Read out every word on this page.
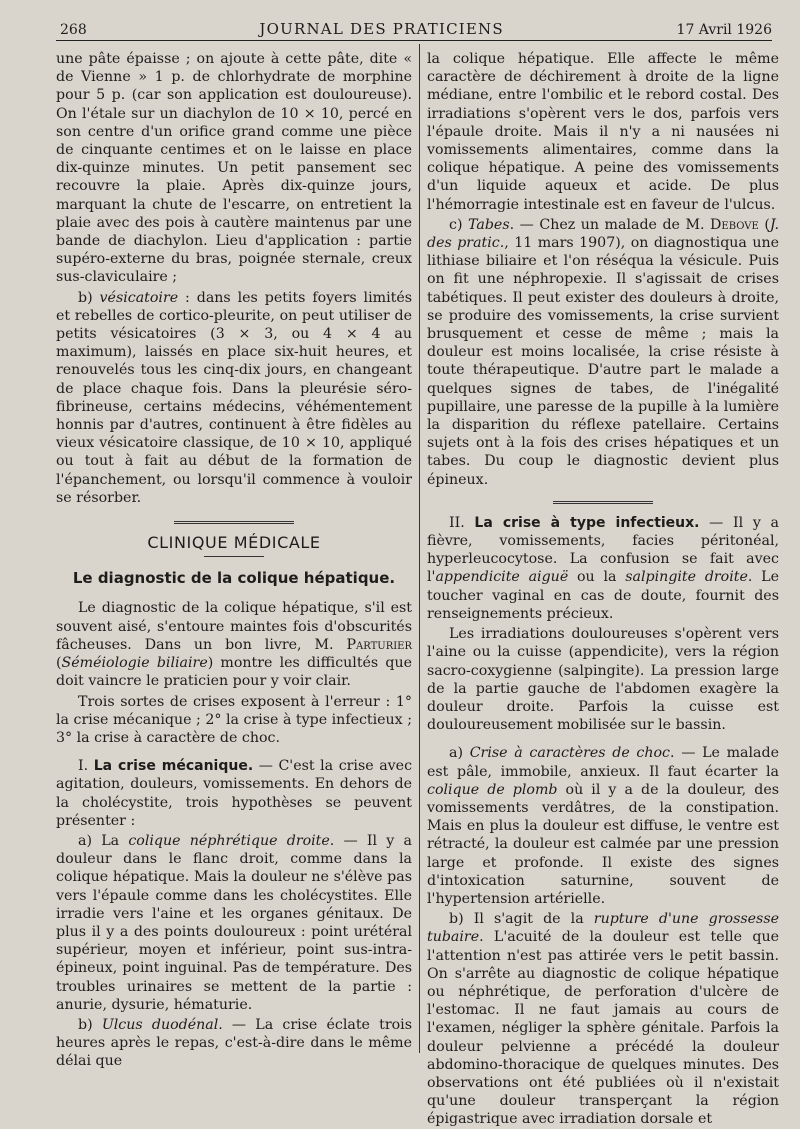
268	JOURNAL DES PRATICIENS	17 Avril 1926

une pâte épaisse ; on ajoute à cette pâte, dite « de Vienne » 1 p. de chlorhydrate de morphine pour 5 p. (car son application est douloureuse). On l'étale sur un diachylon de 10 × 10, percé en son centre d'un orifice grand comme une pièce de cinquante centimes et on le laisse en place dix-quinze minutes. Un petit pansement sec recouvre la plaie. Après dix-quinze jours, marquant la chute de l'escarre, on entretient la plaie avec des pois à cautère maintenus par une bande de diachylon. Lieu d'application : partie supéro-externe du bras, poignée sternale, creux sus-claviculaire ;

b) vésicatoire : dans les petits foyers limités et rebelles de cortico-pleurite, on peut utiliser de petits vésicatoires (3 × 3, ou 4 × 4 au maximum), laissés en place six-huit heures, et renouvelés tous les cinq-dix jours, en changeant de place chaque fois. Dans la pleurésie séro-fibrineuse, certains médecins, véhémentement honnis par d'autres, continuent à être fidèles au vieux vésicatoire classique, de 10 × 10, appliqué ou tout à fait au début de la formation de l'épanchement, ou lorsqu'il commence à vouloir se résorber.

CLINIQUE MÉDICALE
Le diagnostic de la colique hépatique.

Le diagnostic de la colique hépatique, s'il est souvent aisé, s'entoure maintes fois d'obscurités fâcheuses. Dans un bon livre, M. Parturier (Séméiologie biliaire) montre les difficultés que doit vaincre le praticien pour y voir clair.

Trois sortes de crises exposent à l'erreur : 1° la crise mécanique ; 2° la crise à type infectieux ; 3° la crise à caractère de choc.

I. La crise mécanique. — C'est la crise avec agitation, douleurs, vomissements. En dehors de la cholécystite, trois hypothèses se peuvent présenter :

a) La colique néphrétique droite. — Il y a douleur dans le flanc droit, comme dans la colique hépatique. Mais la douleur ne s'élève pas vers l'épaule comme dans les cholécystites. Elle irradie vers l'aine et les organes génitaux. De plus il y a des points douloureux : point urétéral supérieur, moyen et inférieur, point sus-intra-épineux, point inguinal. Pas de température. Des troubles urinaires se mettent de la partie : anurie, dysurie, hématurie.

b) Ulcus duodénal. — La crise éclate trois heures après le repas, c'est-à-dire dans le même délai que

la colique hépatique. Elle affecte le même caractère de déchirement à droite de la ligne médiane, entre l'ombilic et le rebord costal. Des irradiations s'opèrent vers le dos, parfois vers l'épaule droite. Mais il n'y a ni nausées ni vomissements alimentaires, comme dans la colique hépatique. A peine des vomissements d'un liquide aqueux et acide. De plus l'hémorragie intestinale est en faveur de l'ulcus.

c) Tabes. — Chez un malade de M. Debove (J. des pratic., 11 mars 1907), on diagnostiqua une lithiase biliaire et l'on réséqua la vésicule. Puis on fit une néphropexie. Il s'agissait de crises tabétiques. Il peut exister des douleurs à droite, se produire des vomissements, la crise survient brusquement et cesse de même ; mais la douleur est moins localisée, la crise résiste à toute thérapeutique. D'autre part le malade a quelques signes de tabes, de l'inégalité pupillaire, une paresse de la pupille à la lumière la disparition du réflexe patellaire. Certains sujets ont à la fois des crises hépatiques et un tabes. Du coup le diagnostic devient plus épineux.

II. La crise à type infectieux. — Il y a fièvre, vomissements, facies péritonéal, hyperleucocytose. La confusion se fait avec l'appendicite aiguë ou la salpingite droite. Le toucher vaginal en cas de doute, fournit des renseignements précieux.

Les irradiations douloureuses s'opèrent vers l'aine ou la cuisse (appendicite), vers la région sacro-coxygienne (salpingite). La pression large de la partie gauche de l'abdomen exagère la douleur droite. Parfois la cuisse est douloureusement mobilisée sur le bassin.

a) Crise à caractères de choc. — Le malade est pâle, immobile, anxieux. Il faut écarter la colique de plomb où il y a de la douleur, des vomissements verdâtres, de la constipation. Mais en plus la douleur est diffuse, le ventre est rétracté, la douleur est calmée par une pression large et profonde. Il existe des signes d'intoxication saturnine, souvent de l'hypertension artérielle.

b) Il s'agit de la rupture d'une grossesse tubaire. L'acuité de la douleur est telle que l'attention n'est pas attirée vers le petit bassin. On s'arrête au diagnostic de colique hépatique ou néphrétique, de perforation d'ulcère de l'estomac. Il ne faut jamais au cours de l'examen, négliger la sphère génitale. Parfois la douleur pelvienne a précédé la douleur abdomino-thoracique de quelques minutes. Des observations ont été publiées où il n'existait qu'une douleur transperçant la région épigastrique avec irradiation dorsale et
